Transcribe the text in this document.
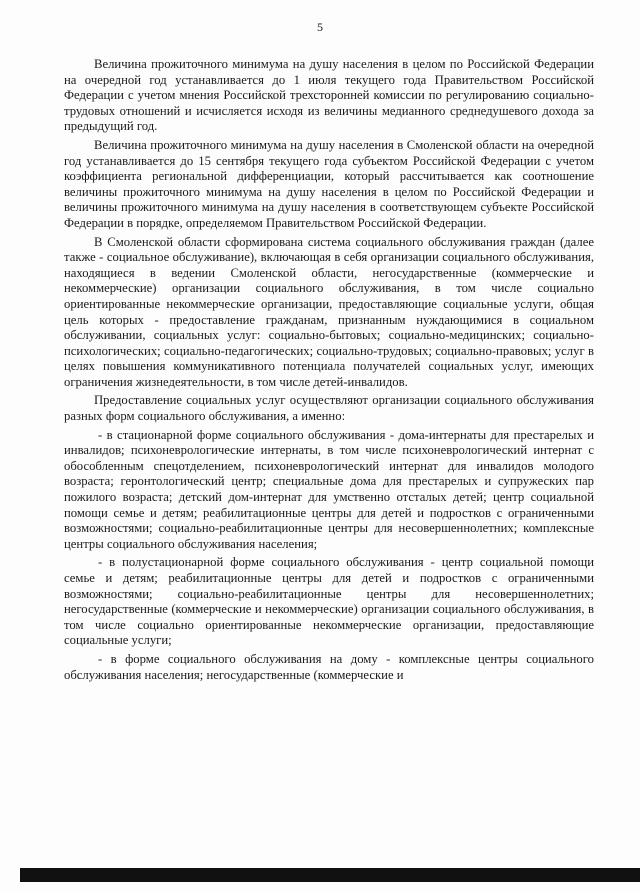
5

Величина прожиточного минимума на душу населения в целом по Российской Федерации на очередной год устанавливается до 1 июля текущего года Правительством Российской Федерации с учетом мнения Российской трехсторонней комиссии по регулированию социально-трудовых отношений и исчисляется исходя из величины медианного среднедушевого дохода за предыдущий год.

Величина прожиточного минимума на душу населения в Смоленской области на очередной год устанавливается до 15 сентября текущего года субъектом Российской Федерации с учетом коэффициента региональной дифференциации, который рассчитывается как соотношение величины прожиточного минимума на душу населения в целом по Российской Федерации и величины прожиточного минимума на душу населения в соответствующем субъекте Российской Федерации в порядке, определяемом Правительством Российской Федерации.

В Смоленской области сформирована система социального обслуживания граждан (далее также - социальное обслуживание), включающая в себя организации социального обслуживания, находящиеся в ведении Смоленской области, негосударственные (коммерческие и некоммерческие) организации социального обслуживания, в том числе социально ориентированные некоммерческие организации, предоставляющие социальные услуги, общая цель которых - предоставление гражданам, признанным нуждающимися в социальном обслуживании, социальных услуг: социально-бытовых; социально-медицинских; социально-психологических; социально-педагогических; социально-трудовых; социально-правовых; услуг в целях повышения коммуникативного потенциала получателей социальных услуг, имеющих ограничения жизнедеятельности, в том числе детей-инвалидов.

Предоставление социальных услуг осуществляют организации социального обслуживания разных форм социального обслуживания, а именно:

- в стационарной форме социального обслуживания - дома-интернаты для престарелых и инвалидов; психоневрологические интернаты, в том числе психоневрологический интернат с обособленным спецотделением, психоневрологический интернат для инвалидов молодого возраста; геронтологический центр; специальные дома для престарелых и супружеских пар пожилого возраста; детский дом-интернат для умственно отсталых детей; центр социальной помощи семье и детям; реабилитационные центры для детей и подростков с ограниченными возможностями; социально-реабилитационные центры для несовершеннолетних; комплексные центры социального обслуживания населения;

- в полустационарной форме социального обслуживания - центр социальной помощи семье и детям; реабилитационные центры для детей и подростков с ограниченными возможностями; социально-реабилитационные центры для несовершеннолетних; негосударственные (коммерческие и некоммерческие) организации социального обслуживания, в том числе социально ориентированные некоммерческие организации, предоставляющие социальные услуги;

- в форме социального обслуживания на дому - комплексные центры социального обслуживания населения; негосударственные (коммерческие и
